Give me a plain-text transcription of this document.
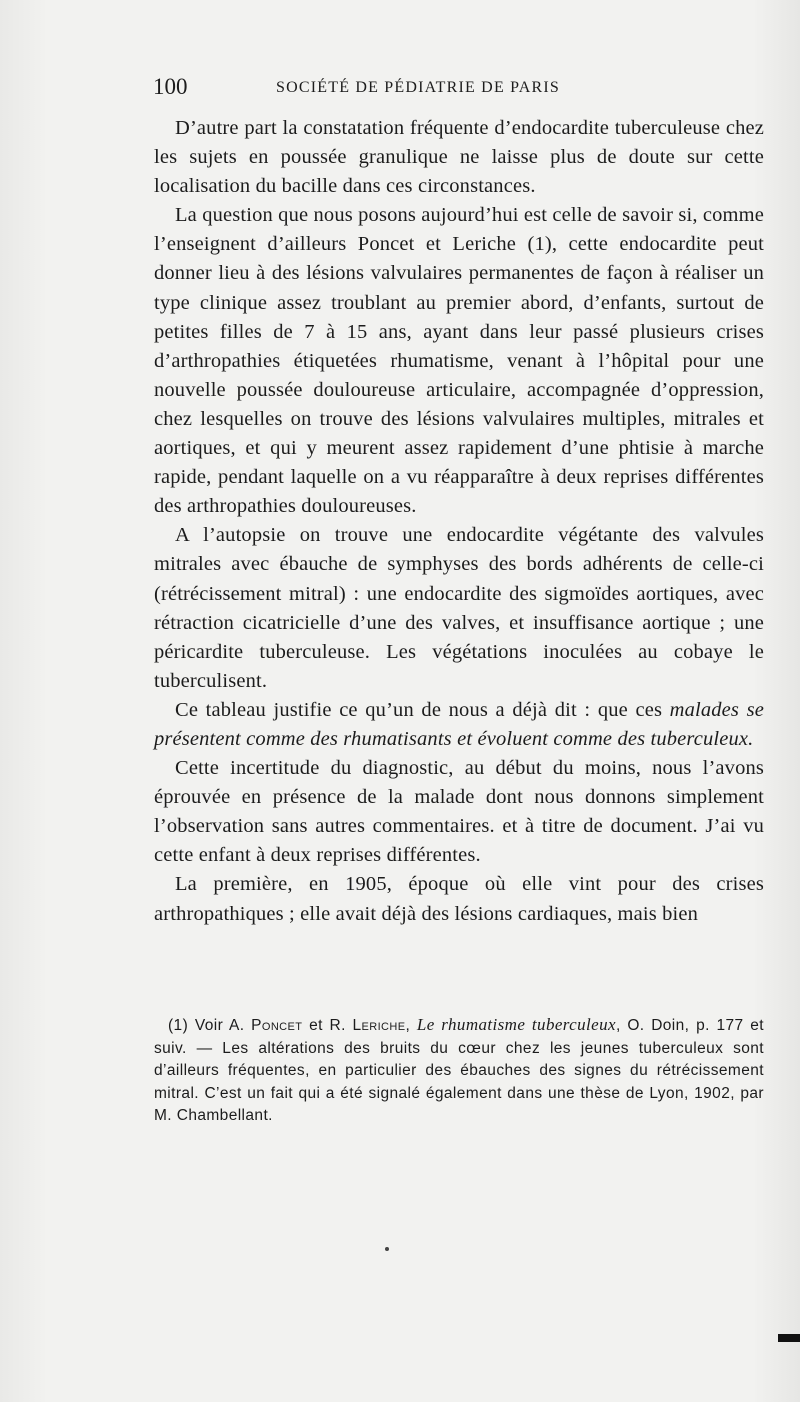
100	SOCIÉTÉ DE PÉDIATRIE DE PARIS

D’autre part la constatation fréquente d’endocardite tuberculeuse chez les sujets en poussée granulique ne laisse plus de doute sur cette localisation du bacille dans ces circonstances.

La question que nous posons aujourd’hui est celle de savoir si, comme l’enseignent d’ailleurs Poncet et Leriche (1), cette endocardite peut donner lieu à des lésions valvulaires permanentes de façon à réaliser un type clinique assez troublant au premier abord, d’enfants, surtout de petites filles de 7 à 15 ans, ayant dans leur passé plusieurs crises d’arthropathies étiquetées rhumatisme, venant à l’hôpital pour une nouvelle poussée douloureuse articulaire, accompagnée d’oppression, chez lesquelles on trouve des lésions valvulaires multiples, mitrales et aortiques, et qui y meurent assez rapidement d’une phtisie à marche rapide, pendant laquelle on a vu réapparaître à deux reprises différentes des arthropathies douloureuses.

A l’autopsie on trouve une endocardite végétante des valvules mitrales avec ébauche de symphyses des bords adhérents de celle-ci (rétrécissement mitral) : une endocardite des sigmoïdes aortiques, avec rétraction cicatricielle d’une des valves, et insuffisance aortique ; une péricardite tuberculeuse. Les végétations inoculées au cobaye le tuberculisent.

Ce tableau justifie ce qu’un de nous a déjà dit : que ces malades se présentent comme des rhumatisants et évoluent comme des tuberculeux.

Cette incertitude du diagnostic, au début du moins, nous l’avons éprouvée en présence de la malade dont nous donnons simplement l’observation sans autres commentaires. et à titre de document. J’ai vu cette enfant à deux reprises différentes.

La première, en 1905, époque où elle vint pour des crises arthropathiques ; elle avait déjà des lésions cardiaques, mais bien

(1) Voir A. Poncet et R. Leriche, Le rhumatisme tuberculeux, O. Doin, p. 177 et suiv. — Les altérations des bruits du cœur chez les jeunes tuberculeux sont d’ailleurs fréquentes, en particulier des ébauches des signes du rétrécissement mitral. C’est un fait qui a été signalé également dans une thèse de Lyon, 1902, par M. Chambellant.
